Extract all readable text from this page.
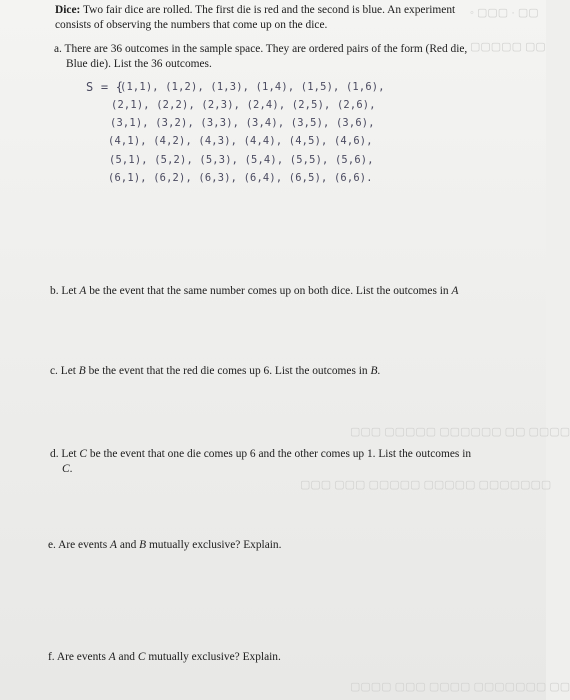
◦ ▢▢▢ · ▢▢
▢▢▢▢▢ ▢▢
▢▢▢ ▢▢▢▢▢ ▢▢▢▢▢▢ ▢▢ ▢▢▢▢
▢▢▢ ▢▢▢ ▢▢▢▢▢ ▢▢▢▢▢ ▢▢▢▢▢▢▢
▢▢▢▢ ▢▢▢ ▢▢▢▢ ▢▢▢▢▢▢▢ ▢▢
Dice: Two fair dice are rolled. The first die is red and the second is blue. An experiment
consists of observing the numbers that come up on the dice.
a. There are 36 outcomes in the sample space. They are ordered pairs of the form (Red die,
Blue die). List the 36 outcomes.
S = {
(1,1), (1,2), (1,3), (1,4), (1,5), (1,6),
(2,1), (2,2), (2,3), (2,4), (2,5), (2,6),
(3,1), (3,2), (3,3), (3,4), (3,5), (3,6),
(4,1), (4,2), (4,3), (4,4), (4,5), (4,6),
(5,1), (5,2), (5,3), (5,4), (5,5), (5,6),
(6,1), (6,2), (6,3), (6,4), (6,5), (6,6).
b. Let A be the event that the same number comes up on both dice. List the outcomes in A
c. Let B be the event that the red die comes up 6. List the outcomes in B.
d. Let C be the event that one die comes up 6 and the other comes up 1. List the outcomes in
C.
e. Are events A and B mutually exclusive? Explain.
f. Are events A and C mutually exclusive? Explain.
